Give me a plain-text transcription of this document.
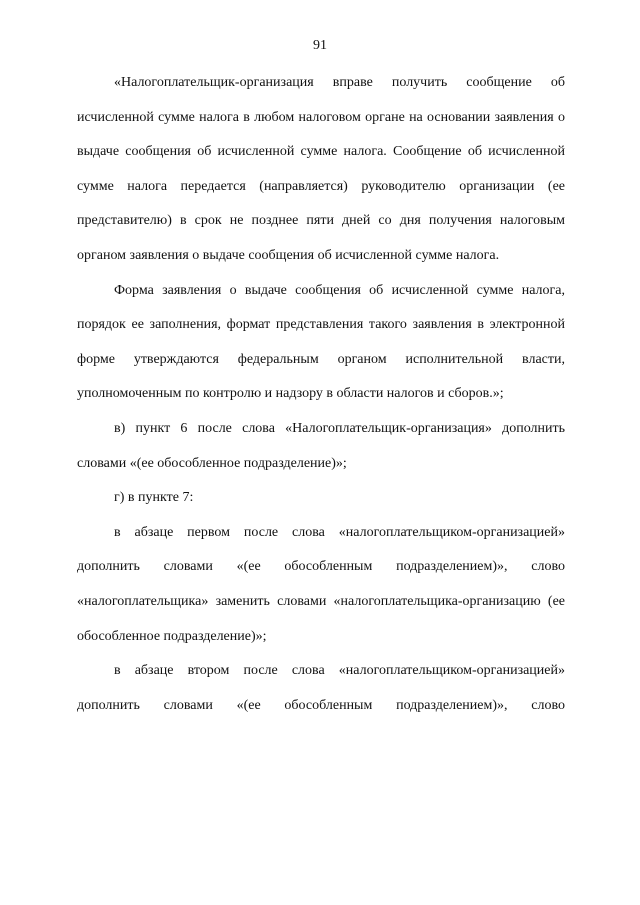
91

«Налогоплательщик-организация вправе получить сообщение об исчисленной сумме налога в любом налоговом органе на основании заявления о выдаче сообщения об исчисленной сумме налога. Сообщение об исчисленной сумме налога передается (направляется) руководителю организации (ее представителю) в срок не позднее пяти дней со дня получения налоговым органом заявления о выдаче сообщения об исчисленной сумме налога.

Форма заявления о выдаче сообщения об исчисленной сумме налога, порядок ее заполнения, формат представления такого заявления в электронной форме утверждаются федеральным органом исполнительной власти, уполномоченным по контролю и надзору в области налогов и сборов.»;

в) пункт 6 после слова «Налогоплательщик-организация» дополнить словами «(ее обособленное подразделение)»;

г) в пункте 7:

в абзаце первом после слова «налогоплательщиком-организацией» дополнить словами «(ее обособленным подразделением)», слово «налогоплательщика» заменить словами «налогоплательщика-организацию (ее обособленное подразделение)»;

в абзаце втором после слова «налогоплательщиком-организацией» дополнить словами «(ее обособленным подразделением)», слово
